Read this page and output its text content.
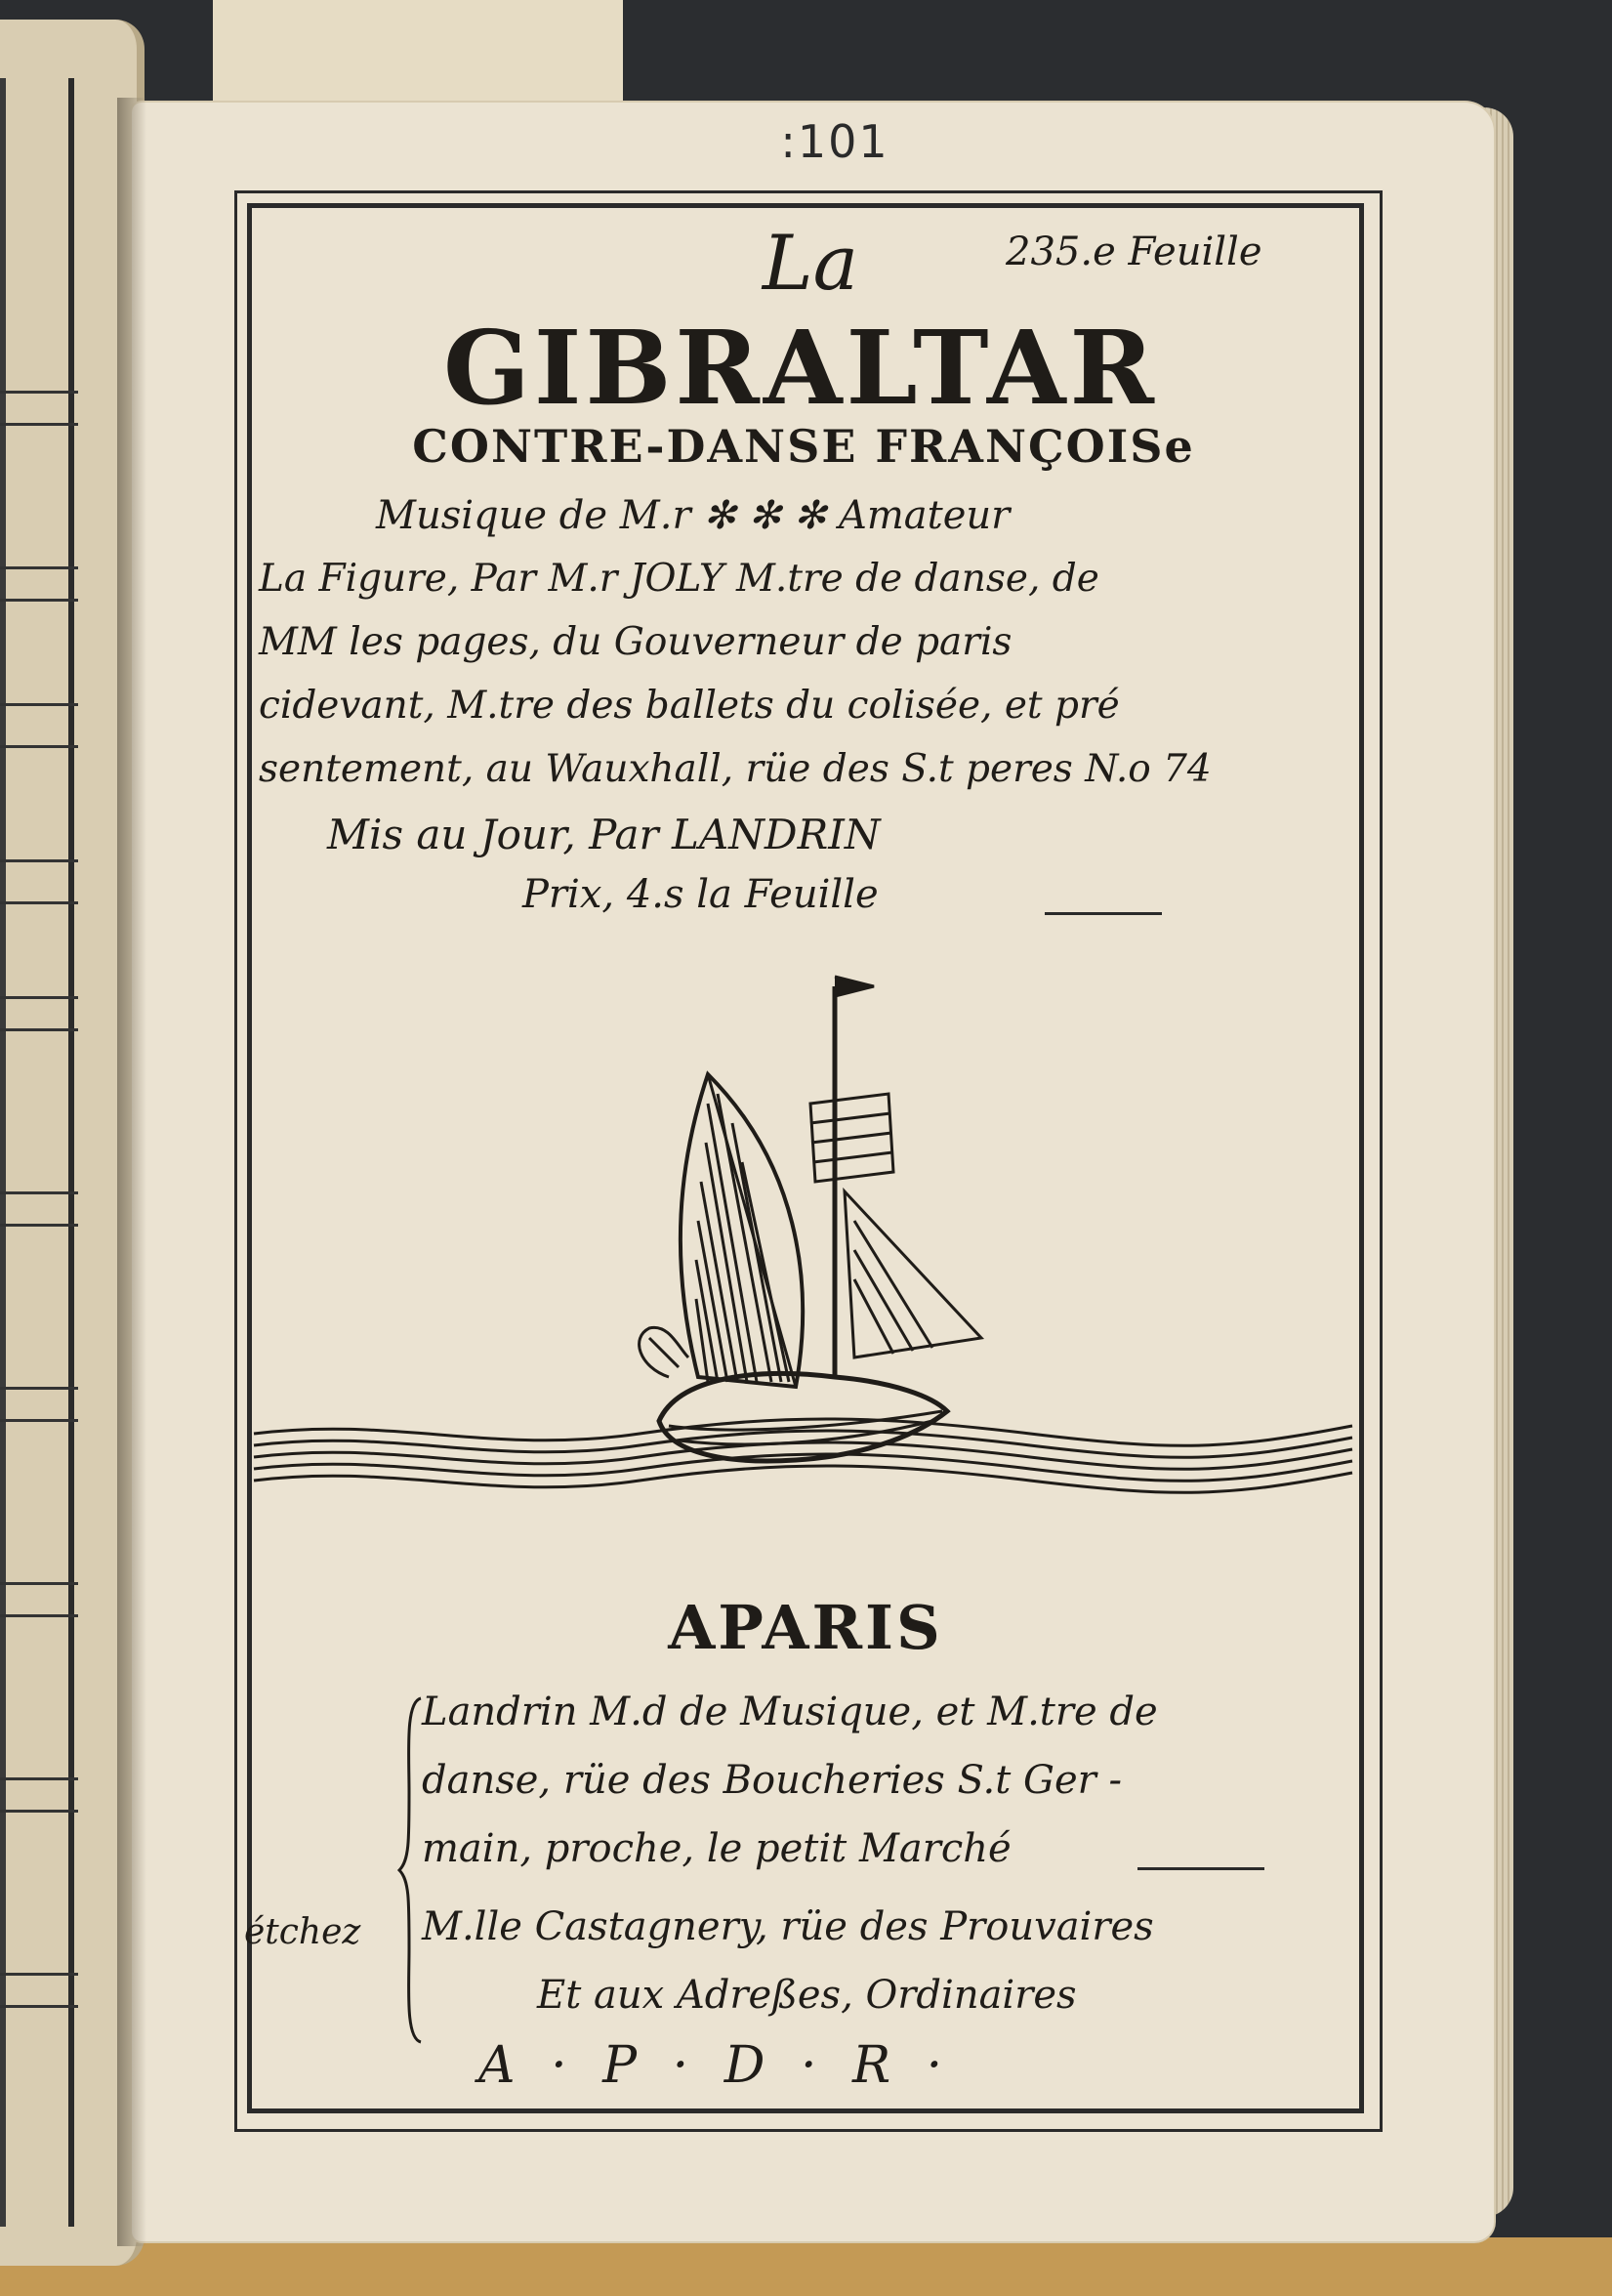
:101
235.e Feuille
La
GIBRALTAR
CONTRE-DANSE FRANÇOISe
Musique de M.r ✻ ✻ ✻ Amateur
La Figure, Par M.r JOLY M.tre de danse, de
MM les pages, du Gouverneur de paris
cidevant, M.tre des ballets du colisée, et pré
sentement, au Wauxhall, rüe des S.t peres N.o 74
Mis au Jour, Par LANDRIN
Prix, 4.s la Feuille
APARIS
étchez
Landrin M.d de Musique, et M.tre de
danse, rüe des Boucheries S.t Ger -
main, proche, le petit Marché
M.lle Castagnery, rüe des Prouvaires
Et aux Adreßes, Ordinaires
A · P · D · R ·
